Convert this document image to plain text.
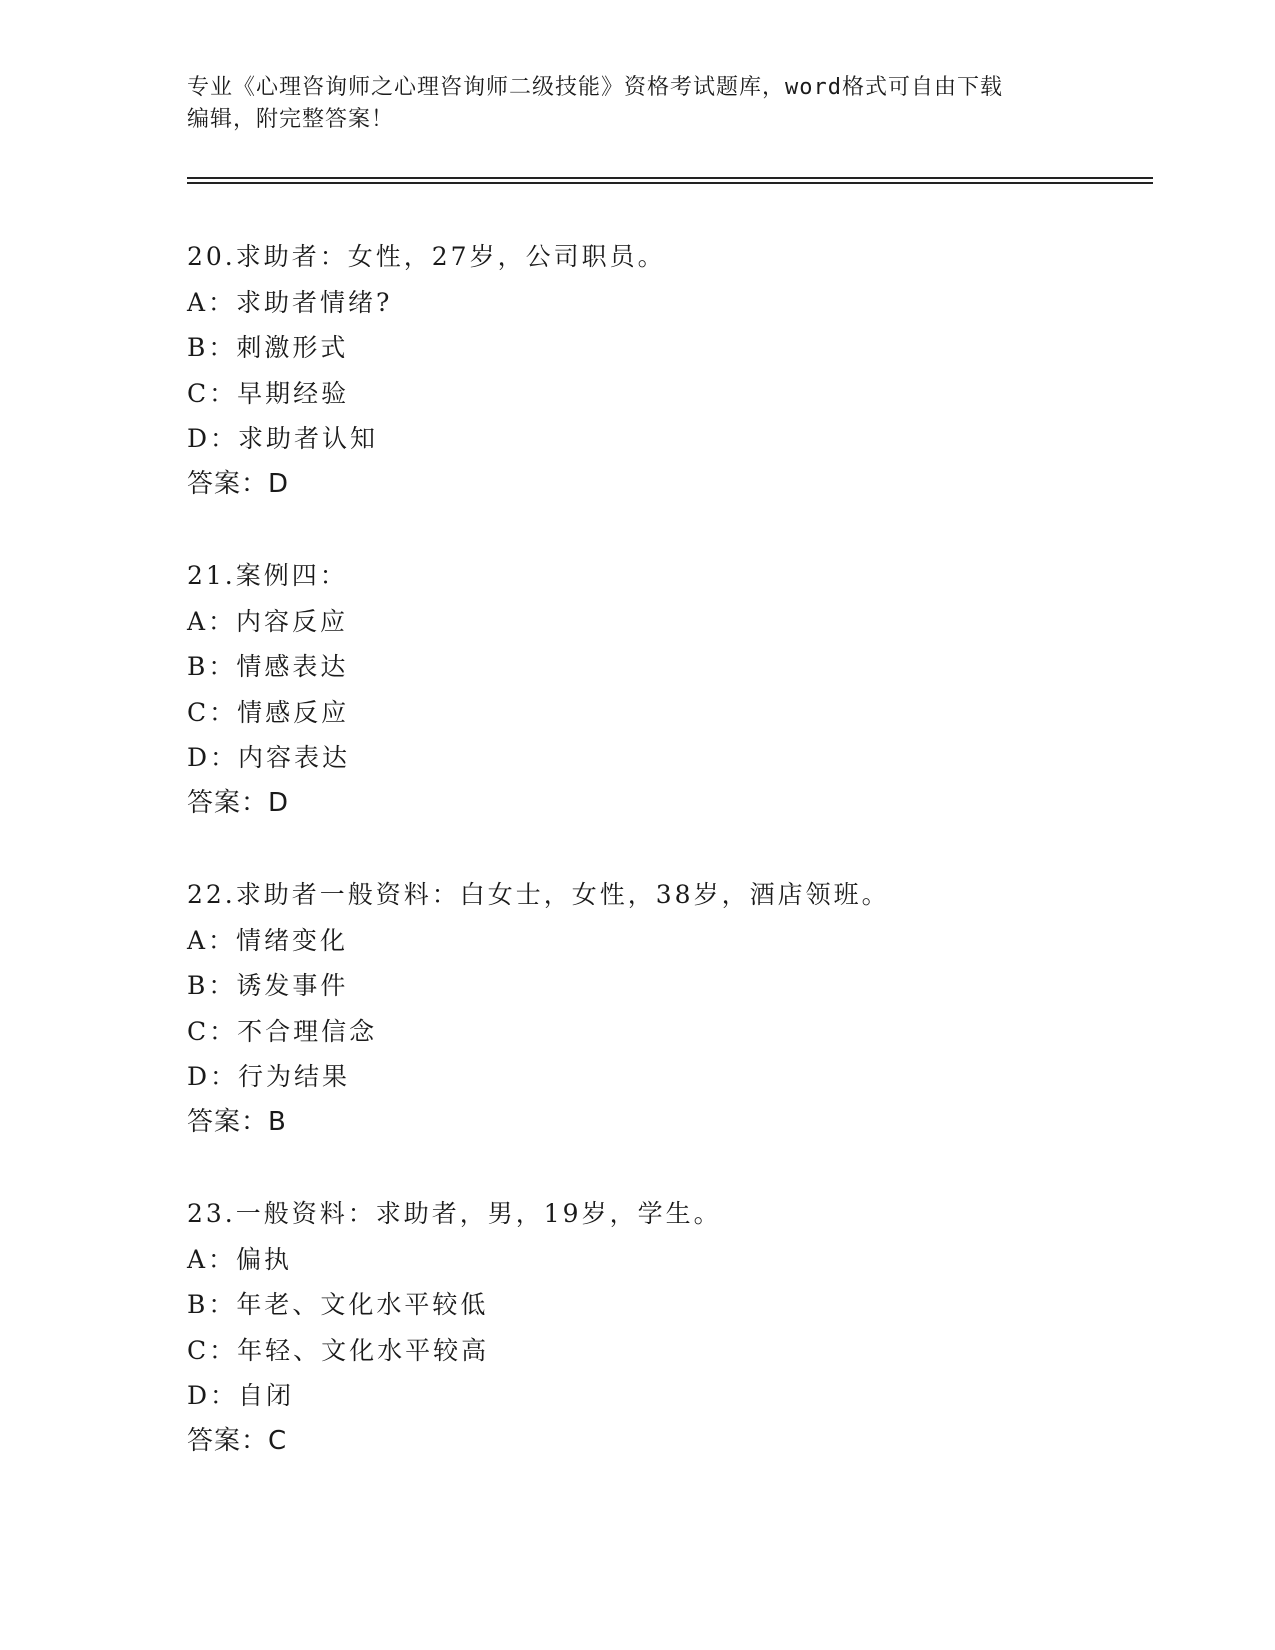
专业《心理咨询师之心理咨询师二级技能》资格考试题库，word格式可自由下载
编辑，附完整答案！
20.求助者：女性，27岁，公司职员。
A：求助者情绪?
B：刺激形式
C：早期经验
D：求助者认知
答案：D
21.案例四：
A：内容反应
B：情感表达
C：情感反应
D：内容表达
答案：D
22.求助者一般资料：白女士，女性，38岁，酒店领班。
A：情绪变化
B：诱发事件
C：不合理信念
D：行为结果
答案：B
23.一般资料：求助者，男，19岁，学生。
A：偏执
B：年老、文化水平较低
C：年轻、文化水平较高
D：自闭
答案：C
